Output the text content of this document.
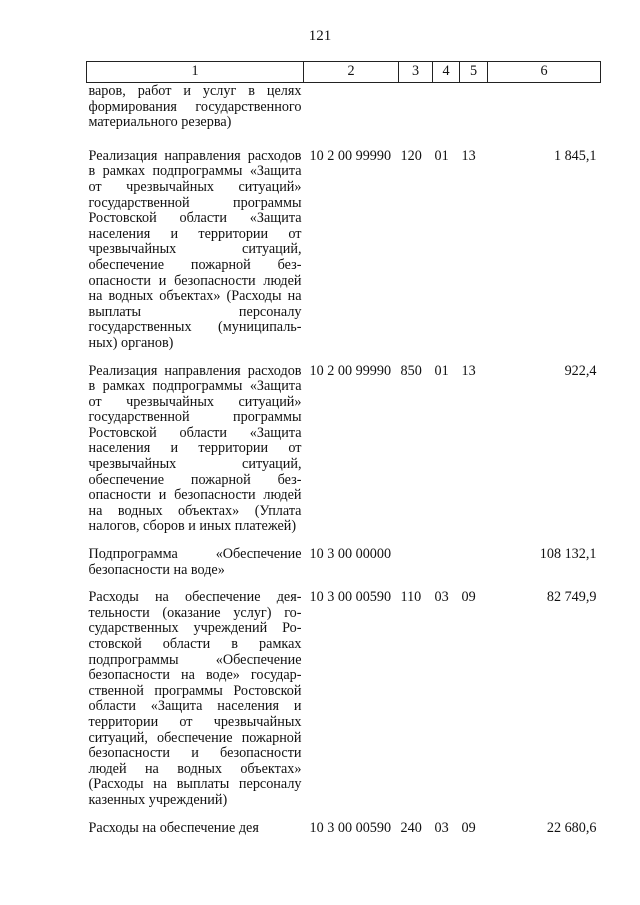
121
1	2	3	4	5	6
варов, работ и услуг в целях формирования государственного материального резерва)					
Реализация направления расходов в рамках подпрограммы «Защита от чрезвычайных ситуаций» государственной программы Ростовской области «Защита населения и территории от чрезвычайных ситуаций, обеспечение пожарной безопасности и безопасности людей на водных объектах» (Расходы на выплаты персоналу государственных (муниципальных) органов)	10 2 00 99990	120	01	13	1 845,1
Реализация направления расходов в рамках подпрограммы «Защита от чрезвычайных ситуаций» государственной программы Ростовской области «Защита населения и территории от чрезвычайных ситуаций, обеспечение пожарной безопасности и безопасности людей на водных объектах» (Уплата налогов, сборов и иных платежей)	10 2 00 99990	850	01	13	922,4
Подпрограмма «Обеспечение безопасности на воде»	10 3 00 00000				108 132,1
Расходы на обеспечение деятельности (оказание услуг) государственных учреждений Ростовской области в рамках подпрограммы «Обеспечение безопасности на воде» государственной программы Ростовской области «Защита населения и территории от чрезвычайных ситуаций, обеспечение пожарной безопасности и безопасности людей на водных объектах» (Расходы на выплаты персоналу казенных учреждений)	10 3 00 00590	110	03	09	82 749,9
Расходы на обеспечение дея	10 3 00 00590	240	03	09	22 680,6
